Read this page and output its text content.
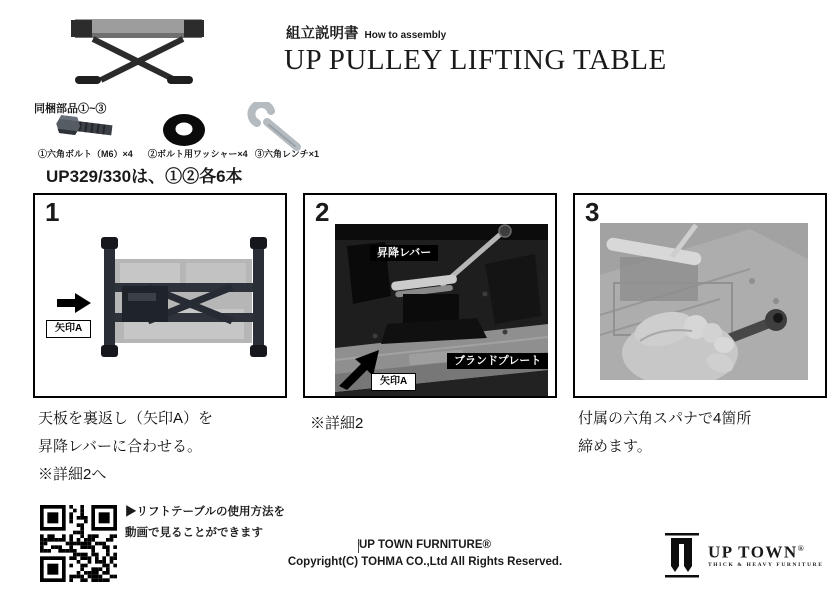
組立説明書 How to assembly
UP PULLEY LIFTING TABLE
同梱部品①~③
①六角ボルト（M6）×4 ②ボルト用ワッシャー×4 ③六角レンチ×1
UP329/330は、①②各6本
1
矢印A
2
昇降レバー
ブランドプレート
矢印A
3
天板を裏返し（矢印A）を
昇降レバーに合わせる。
※詳細2へ
※詳細2	付属の六角スパナで4箇所
締めます。
▶リフトテーブルの使用方法を
動画で見ることができます
UP TOWN FURNITURE®
Copyright(C) TOHMA CO.,Ltd All Rights Reserved.
UP TOWN®
THICK & HEAVY FURNITURE
